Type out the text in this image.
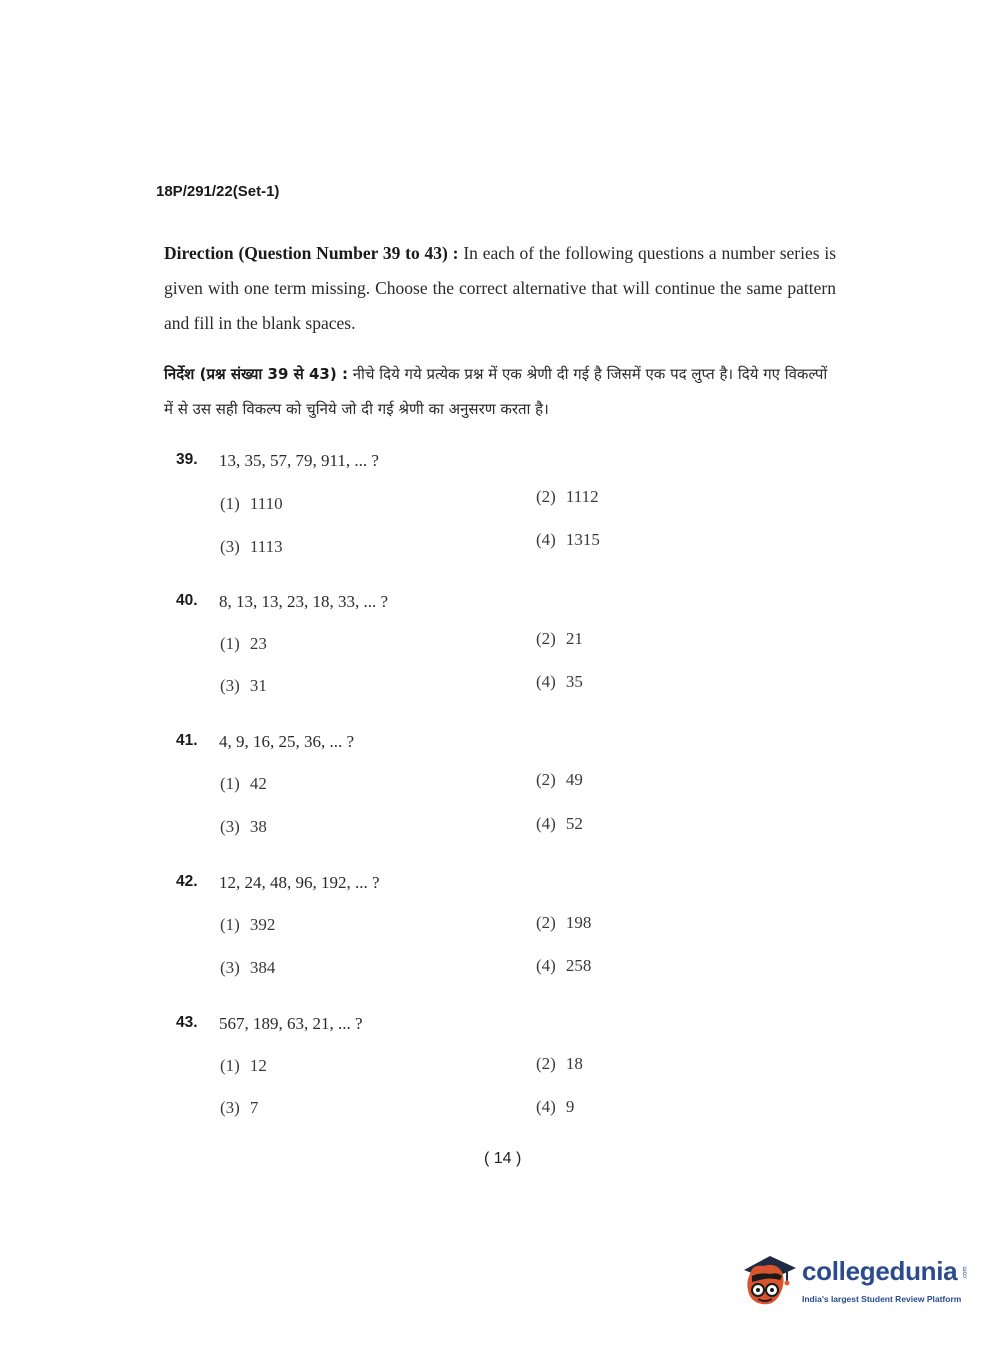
18P/291/22(Set-1)
Direction (Question Number 39 to 43) : In each of the following questions a number series is given with one term missing. Choose the correct alternative that will continue the same pattern and fill in the blank spaces.
निर्देश (प्रश्न संख्या 39 से 43) : नीचे दिये गये प्रत्येक प्रश्न में एक श्रेणी दी गई है जिसमें एक पद लुप्त है। दिये गए विकल्पों में से उस सही विकल्प को चुनिये जो दी गई श्रेणी का अनुसरण करता है।
39. 13, 35, 57, 79, 911, ... ?
(1) 1110	(2) 1112
(3) 1113	(4) 1315
40. 8, 13, 13, 23, 18, 33, ... ?
(1) 23	(2) 21
(3) 31	(4) 35
41. 4, 9, 16, 25, 36, ... ?
(1) 42	(2) 49
(3) 38	(4) 52
42. 12, 24, 48, 96, 192, ... ?
(1) 392	(2) 198
(3) 384	(4) 258
43. 567, 189, 63, 21, ... ?
(1) 12	(2) 18
(3) 7	(4) 9
( 14 )
collegedunia .com
India's largest Student Review Platform
